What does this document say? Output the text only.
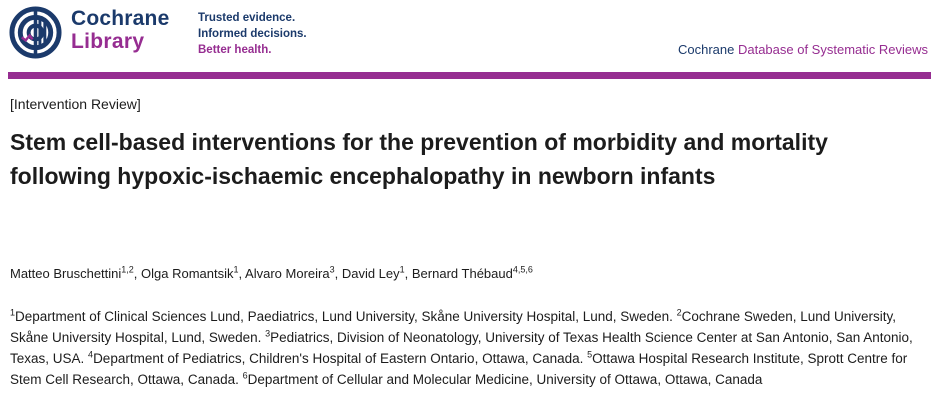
Cochrane
Library
Trusted evidence.
Informed decisions.
Better health.	Cochrane Database of Systematic Reviews
[Intervention Review]
Stem cell-based interventions for the prevention of morbidity and mortality following hypoxic-ischaemic encephalopathy in newborn infants
Matteo Bruschettini$^{1,2}$, Olga Romantsik$^1$, Alvaro Moreira$^3$, David Ley$^1$, Bernard Thébaud$^{4,5,6}$
$^1$Department of Clinical Sciences Lund, Paediatrics, Lund University, Skåne University Hospital, Lund, Sweden. $^2$Cochrane Sweden, Lund University, Skåne University Hospital, Lund, Sweden. $^3$Pediatrics, Division of Neonatology, University of Texas Health Science Center at San Antonio, San Antonio, Texas, USA. $^4$Department of Pediatrics, Children's Hospital of Eastern Ontario, Ottawa, Canada. $^5$Ottawa Hospital Research Institute, Sprott Centre for Stem Cell Research, Ottawa, Canada. $^6$Department of Cellular and Molecular Medicine, University of Ottawa, Ottawa, Canada
